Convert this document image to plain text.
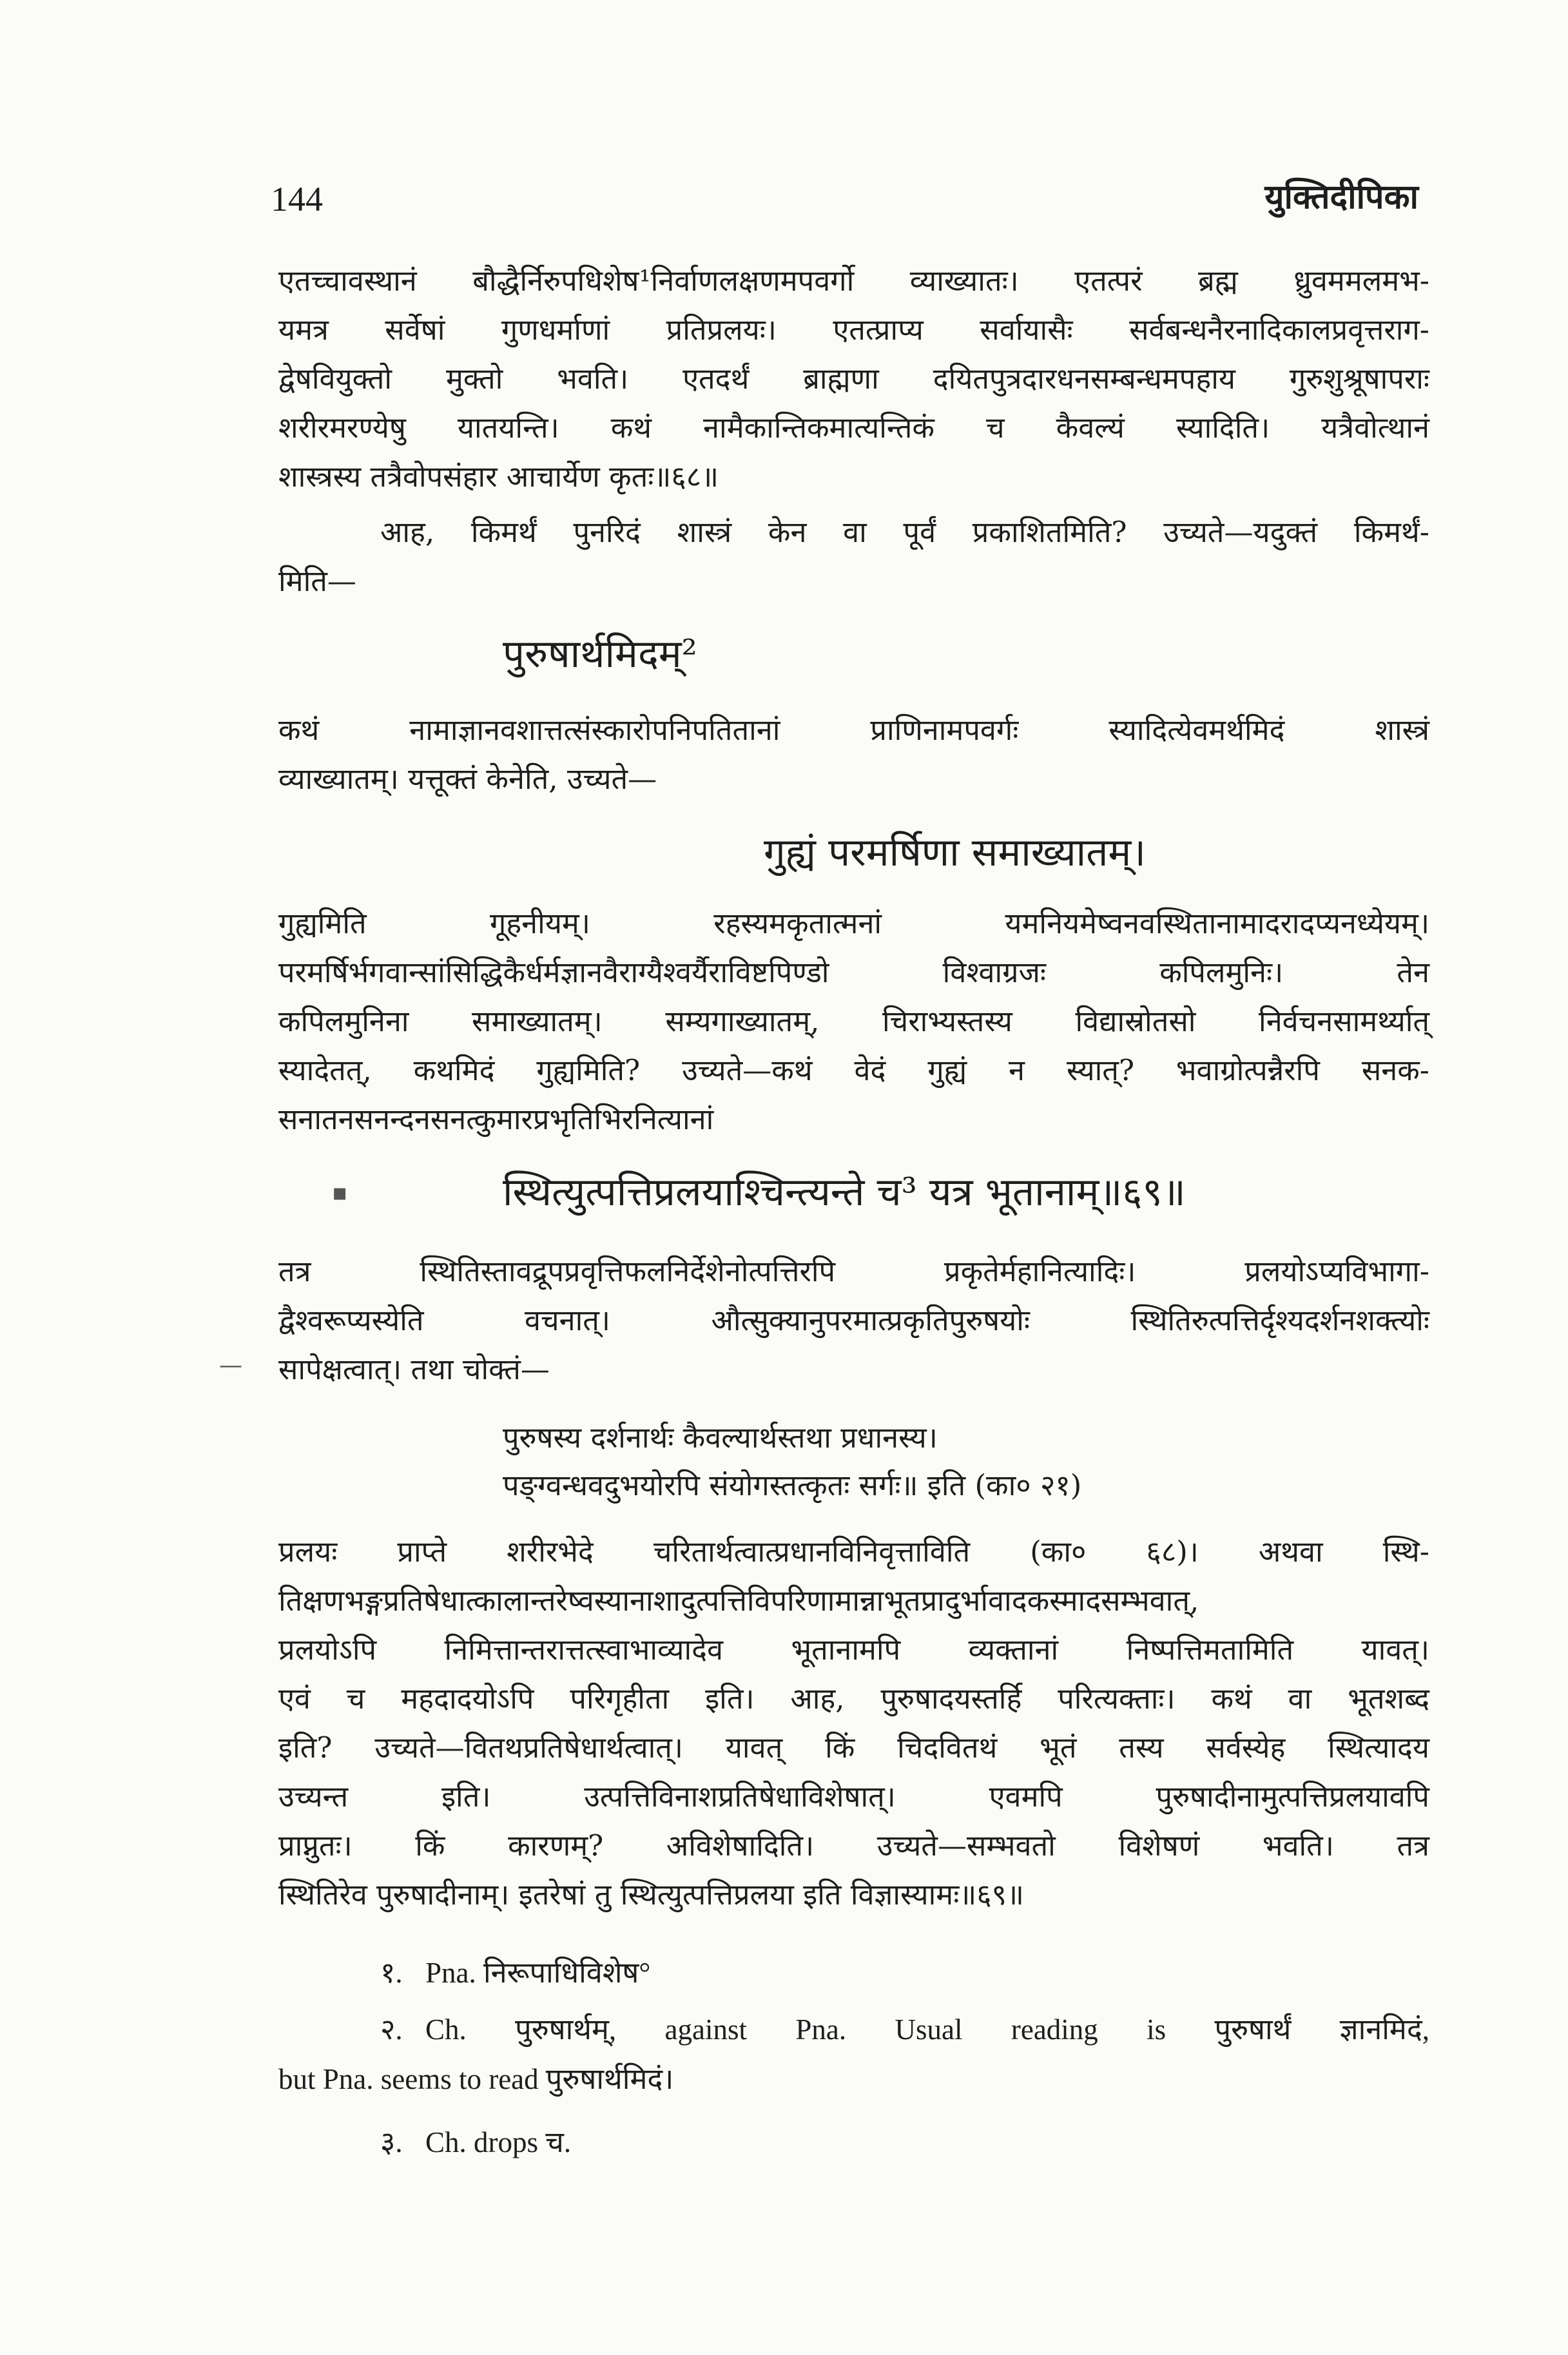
144	युक्तिदीपिका
एतच्चावस्थानं बौद्धैर्निरुपधिशेष¹निर्वाणलक्षणमपवर्गो व्याख्यातः। एतत्परं ब्रह्म ध्रुवममलमभ-
यमत्र सर्वेषां गुणधर्माणां प्रतिप्रलयः। एतत्प्राप्य सर्वायासैः सर्वबन्धनैरनादिकालप्रवृत्तराग-
द्वेषवियुक्तो मुक्तो भवति। एतदर्थं ब्राह्मणा दयितपुत्रदारधनसम्बन्धमपहाय गुरुशुश्रूषापराः
शरीरमरण्येषु यातयन्ति। कथं नामैकान्तिकमात्यन्तिकं च कैवल्यं स्यादिति। यत्रैवोत्थानं
शास्त्रस्य तत्रैवोपसंहार आचार्येण कृतः॥६८॥
आह, किमर्थं पुनरिदं शास्त्रं केन वा पूर्वं प्रकाशितमिति? उच्यते—यदुक्तं किमर्थं-
मिति—
पुरुषार्थमिदम्²
कथं नामाज्ञानवशात्तत्संस्कारोपनिपतितानां प्राणिनामपवर्गः स्यादित्येवमर्थमिदं शास्त्रं
व्याख्यातम्। यत्तूक्तं केनेति, उच्यते—
गुह्यं परमर्षिणा समाख्यातम्।
गुह्यमिति गूहनीयम्। रहस्यमकृतात्मनां यमनियमेष्वनवस्थितानामादरादप्यनध्येयम्।
परमर्षिर्भगवान्सांसिद्धिकैर्धर्मज्ञानवैराग्यैश्वर्यैराविष्टपिण्डो विश्वाग्रजः कपिलमुनिः। तेन
कपिलमुनिना समाख्यातम्। सम्यगाख्यातम्, चिराभ्यस्तस्य विद्यास्रोतसो निर्वचनसामर्थ्यात्
स्यादेतत्, कथमिदं गुह्यमिति? उच्यते—कथं वेदं गुह्यं न स्यात्? भवाग्रोत्पन्नैरपि सनक-
सनातनसनन्दनसनत्कुमारप्रभृतिभिरनित्यानां
▪	स्थित्युत्पत्तिप्रलयाश्चिन्त्यन्ते च³ यत्र भूतानाम्॥६९॥
तत्र स्थितिस्तावद्रूपप्रवृत्तिफलनिर्देशेनोत्पत्तिरपि प्रकृतेर्महानित्यादिः। प्रलयोऽप्यविभागा-
द्वैश्वरूप्यस्येति वचनात्। औत्सुक्यानुपरमात्प्रकृतिपुरुषयोः स्थितिरुत्पत्तिर्दृश्यदर्शनशक्त्योः
— सापेक्षत्वात्। तथा चोक्तं—
पुरुषस्य दर्शनार्थः कैवल्यार्थस्तथा प्रधानस्य।
पङ्ग्वन्धवदुभयोरपि संयोगस्तत्कृतः सर्गः॥ इति (का० २१)
प्रलयः प्राप्ते शरीरभेदे चरितार्थत्वात्प्रधानविनिवृत्ताविति (का० ६८)। अथवा स्थि-
तिक्षणभङ्गप्रतिषेधात्कालान्तरेष्वस्यानाशादुत्पत्तिविपरिणामान्नाभूतप्रादुर्भावादकस्मादसम्भवात्,
प्रलयोऽपि निमित्तान्तरात्तत्स्वाभाव्यादेव भूतानामपि व्यक्तानां निष्पत्तिमतामिति यावत्।
एवं च महदादयोऽपि परिगृहीता इति। आह, पुरुषादयस्तर्हि परित्यक्ताः। कथं वा भूतशब्द
इति? उच्यते—वितथप्रतिषेधार्थत्वात्। यावत् किं चिदवितथं भूतं तस्य सर्वस्येह स्थित्यादय
उच्यन्त इति। उत्पत्तिविनाशप्रतिषेधाविशेषात्। एवमपि पुरुषादीनामुत्पत्तिप्रलयावपि
प्राप्नुतः। किं कारणम्? अविशेषादिति। उच्यते—सम्भवतो विशेषणं भवति। तत्र
स्थितिरेव पुरुषादीनाम्। इतरेषां तु स्थित्युत्पत्तिप्रलया इति विज्ञास्यामः॥६९॥
१. Pna. निरूपाधिविशेष°
२. Ch. पुरुषार्थम्, against Pna. Usual reading is पुरुषार्थं ज्ञानमिदं,
but Pna. seems to read पुरुषार्थमिदं।
३. Ch. drops च.
